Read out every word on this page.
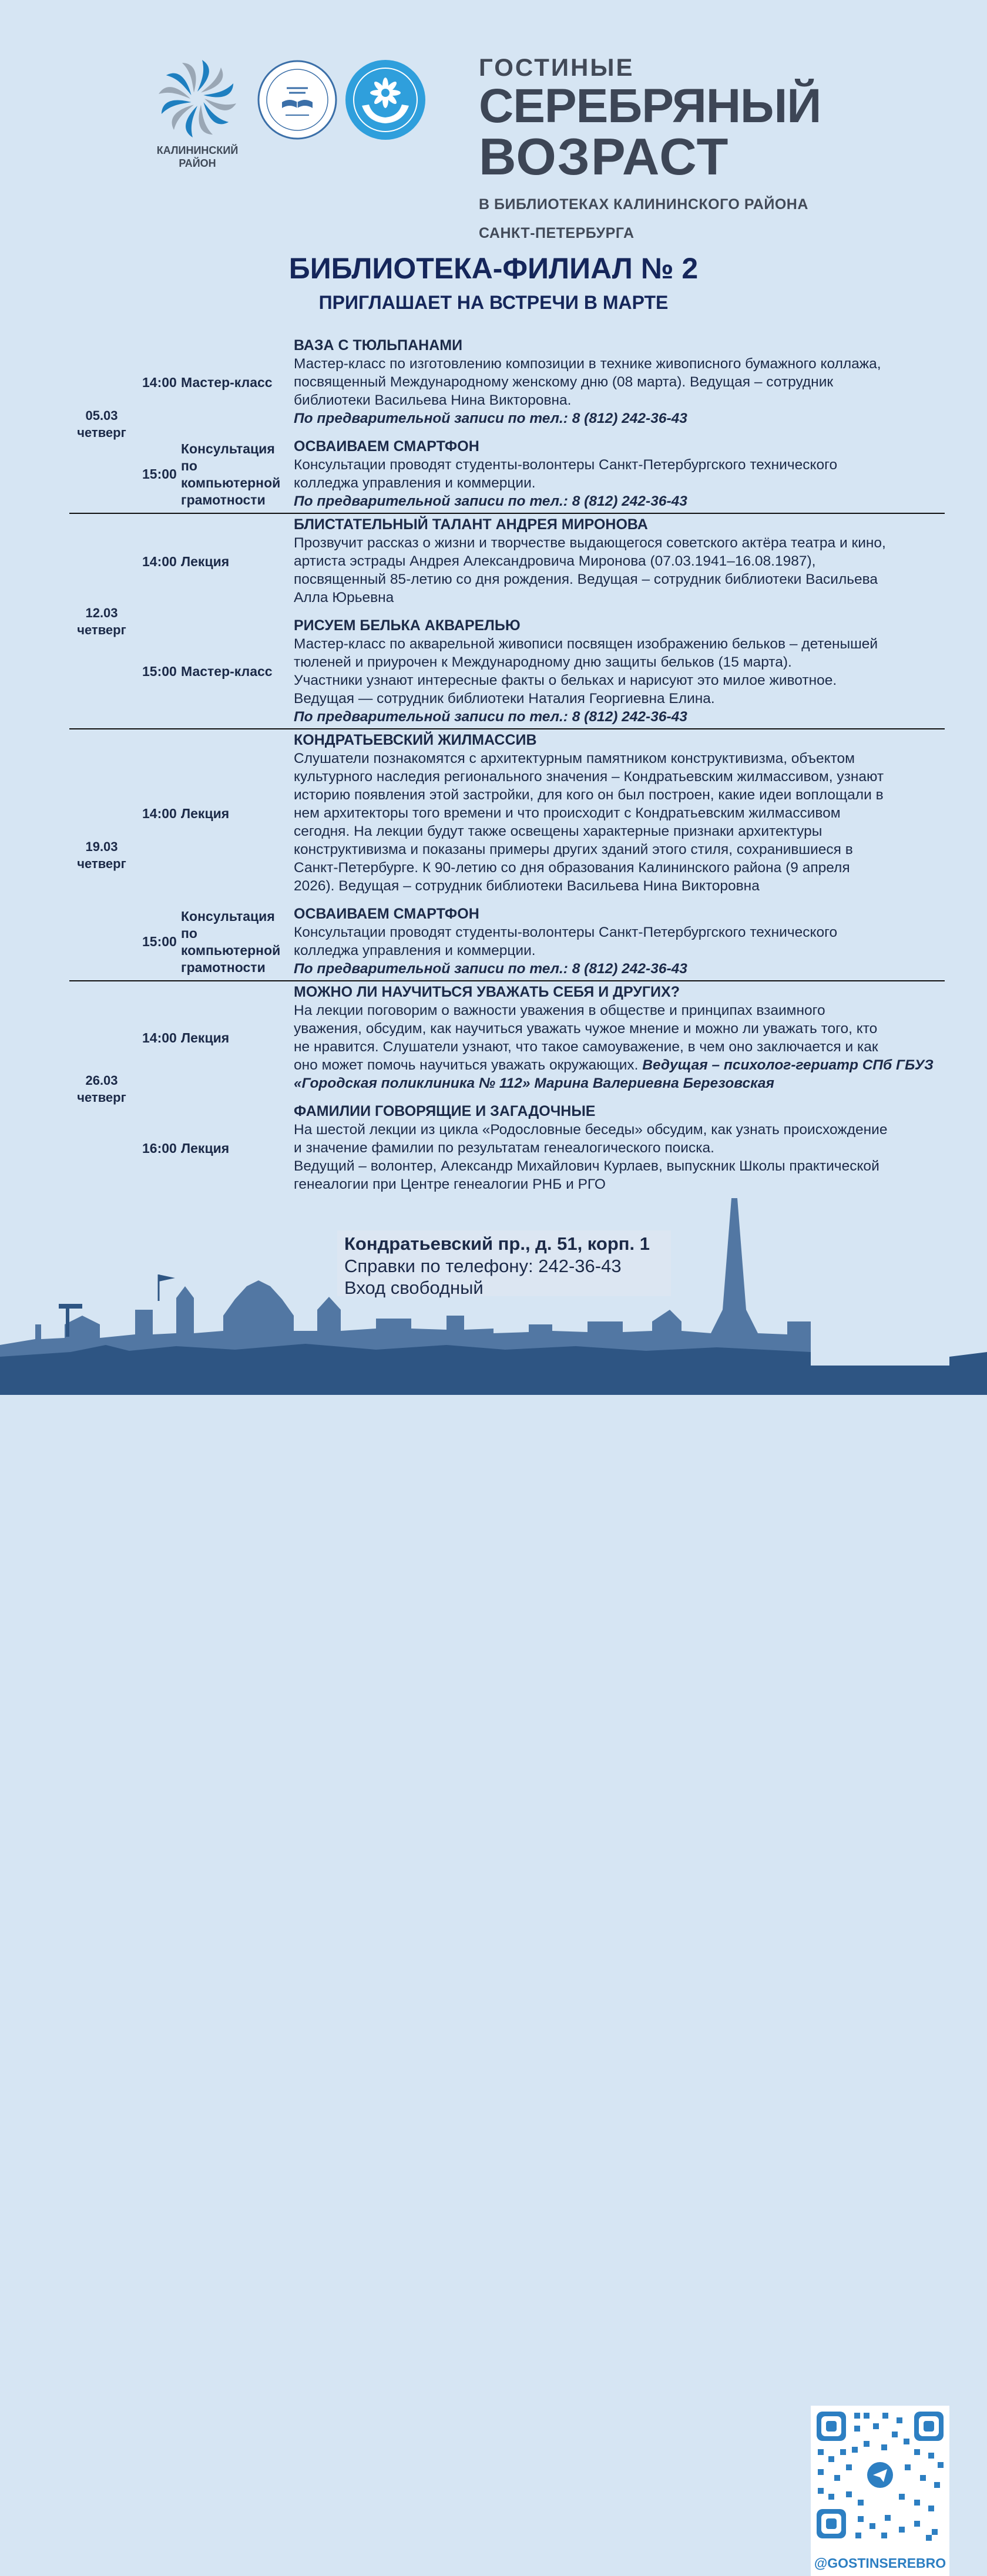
КАЛИНИНСКИЙ
РАЙОН
ГОСТИНЫЕ
СЕРЕБРЯНЫЙ
ВОЗРАСТ
В БИБЛИОТЕКАХ КАЛИНИНСКОГО РАЙОНА
САНКТ-ПЕТЕРБУРГА
БИБЛИОТЕКА-ФИЛИАЛ № 2
ПРИГЛАШАЕТ НА ВСТРЕЧИ В МАРТЕ
05.03
четверг
14:00 Мастер-класс
ВАЗА С ТЮЛЬПАНАМИ
Мастер-класс по изготовлению композиции в технике живописного бумажного коллажа,
посвященный Международному женскому дню (08 марта). Ведущая – сотрудник
библиотеки Васильева Нина Викторовна.
По предварительной записи по тел.: 8 (812) 242-36-43
15:00
Консультация по компьютерной грамотности
ОСВАИВАЕМ СМАРТФОН
Консультации проводят студенты-волонтеры Санкт-Петербургского технического
колледжа управления и коммерции.
По предварительной записи по тел.: 8 (812) 242-36-43
12.03
четверг
14:00 Лекция
БЛИСТАТЕЛЬНЫЙ ТАЛАНТ АНДРЕЯ МИРОНОВА
Прозвучит рассказ о жизни и творчестве выдающегося советского актёра театра и кино,
артиста эстрады Андрея Александровича Миронова (07.03.1941–16.08.1987),
посвященный 85-летию со дня рождения. Ведущая – сотрудник библиотеки Васильева
Алла Юрьевна
15:00 Мастер-класс
РИСУЕМ БЕЛЬКА АКВАРЕЛЬЮ
Мастер-класс по акварельной живописи посвящен изображению бельков – детенышей
тюленей и приурочен к Международному дню защиты бельков (15 марта).
Участники узнают интересные факты о бельках и нарисуют это милое животное.
Ведущая — сотрудник библиотеки Наталия Георгиевна Елина.
По предварительной записи по тел.: 8 (812) 242-36-43
19.03
четверг
14:00 Лекция
КОНДРАТЬЕВСКИЙ ЖИЛМАССИВ
Слушатели познакомятся с архитектурным памятником конструктивизма, объектом
культурного наследия регионального значения – Кондратьевским жилмассивом, узнают
историю появления этой застройки, для кого он был построен, какие идеи воплощали в
нем архитекторы того времени и что происходит с Кондратьевским жилмассивом
сегодня. На лекции будут также освещены характерные признаки архитектуры
конструктивизма и показаны примеры других зданий этого стиля, сохранившиеся в
Санкт-Петербурге. К 90-летию со дня образования Калининского района (9 апреля
2026). Ведущая – сотрудник библиотеки Васильева Нина Викторовна
15:00
Консультация по компьютерной грамотности
ОСВАИВАЕМ СМАРТФОН
Консультации проводят студенты-волонтеры Санкт-Петербургского технического
колледжа управления и коммерции.
По предварительной записи по тел.: 8 (812) 242-36-43
26.03
четверг
14:00 Лекция
МОЖНО ЛИ НАУЧИТЬСЯ УВАЖАТЬ СЕБЯ И ДРУГИХ?
На лекции поговорим о важности уважения в обществе и принципах взаимного
уважения, обсудим, как научиться уважать чужое мнение и можно ли уважать того, кто
не нравится. Слушатели узнают, что такое самоуважение, в чем оно заключается и как
оно может помочь научиться уважать окружающих. Ведущая – психолог-гериатр СПб ГБУЗ «Городская поликлиника № 112» Марина Валериевна Березовская
16:00 Лекция
ФАМИЛИИ ГОВОРЯЩИЕ И ЗАГАДОЧНЫЕ
На шестой лекции из цикла «Родословные беседы» обсудим, как узнать происхождение
и значение фамилии по результатам генеалогического поиска.
Ведущий – волонтер, Александр Михайлович Курлаев, выпускник Школы практической
генеалогии при Центре генеалогии РНБ и РГО
@GOSTINSEREBRO
Кондратьевский пр., д. 51, корп. 1
Справки по телефону: 242-36-43
Вход свободный
